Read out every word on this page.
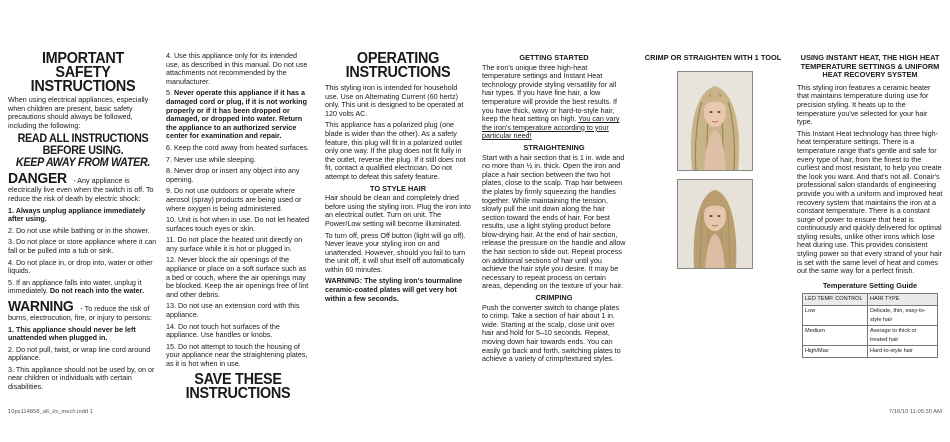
IMPORTANT SAFETY INSTRUCTIONS

When using electrical appliances, especially when children are present, basic safety precautions should always be followed, including the following:

READ ALL INSTRUCTIONS BEFORE USING.
KEEP AWAY FROM WATER.

DANGER - Any appliance is electrically live even when the switch is off. To reduce the risk of death by electric shock:

1. Always unplug appliance immediately after using.

2. Do not use while bathing or in the shower.

3. Do not place or store appliance where it can fall or be pulled into a tub or sink.

4. Do not place in, or drop into, water or other liquids.

5. If an appliance falls into water, unplug it immediately. Do not reach into the water.

WARNING - To reduce the risk of burns, electrocution, fire, or injury to persons:

1. This appliance should never be left unattended when plugged in.

2. Do not pull, twist, or wrap line cord around appliance.

3. This appliance should not be used by, on or near children or individuals with certain disabilities.

4. Use this appliance only for its intended use, as described in this manual. Do not use attachments not recommended by the manufacturer.

5. Never operate this appliance if it has a damaged cord or plug, if it is not working properly or if it has been dropped or damaged, or dropped into water. Return the appliance to an authorized service center for examination and repair.

6. Keep the cord away from heated surfaces.

7. Never use while sleeping.

8. Never drop or insert any object into any opening.

9. Do not use outdoors or operate where aerosol (spray) products are being used or where oxygen is being administered.

10. Unit is hot when in use. Do not let heated surfaces touch eyes or skin.

11. Do not place the heated unit directly on any surface while it is hot or plugged in.

12. Never block the air openings of the appliance or place on a soft surface such as a bed or couch, where the air openings may be blocked. Keep the air openings free of lint and other debris.

13. Do not use an extension cord with this appliance.

14. Do not touch hot surfaces of the appliance. Use handles or knobs.

15. Do not attempt to touch the housing of your appliance near the straightening plates, as it is hot when in use.

SAVE THESE INSTRUCTIONS
OPERATING INSTRUCTIONS

This styling iron is intended for household use. Use on Alternating Current (60 hertz) only. This unit is designed to be operated at 120 volts AC.

This appliance has a polarized plug (one blade is wider than the other). As a safety feature, this plug will fit in a polarized outlet only one way. If the plug does not fit fully in the outlet, reverse the plug. If it still does not fit, contact a qualified electrician. Do not attempt to defeat this safety feature.

TO STYLE HAIR

Hair should be clean and completely dried before using the styling iron. Plug the iron into an electrical outlet. Turn on unit. The Power/Low setting will become illuminated.

To turn off, press Off button (light will go off). Never leave your styling iron on and unattended. However, should you fail to turn the unit off, it will shut itself off automatically within 60 minutes.

WARNING: The styling iron's tourmaline ceramic-coated plates will get very hot within a few seconds.

GETTING STARTED

The iron's unique three high-heat temperature settings and Instant Heat technology provide styling versatility for all hair types. If you have fine hair, a low temperature will provide the best results. If you have thick, wavy or hard-to-style hair, keep the heat setting on high. You can vary the iron's temperature according to your particular need!

STRAIGHTENING

Start with a hair section that is 1 in. wide and no more than ½ in. thick. Open the iron and place a hair section between the two hot plates, close to the scalp. Trap hair between the plates by firmly squeezing the handles together. While maintaining the tension, slowly pull the unit down along the hair section toward the ends of hair. For best results, use a light styling product before blow-drying hair. At the end of hair section, release the pressure on the handle and allow the hair section to slide out. Repeat process on additional sections of hair until you achieve the hair style you desire. It may be necessary to repeat process on certain areas, depending on the texture of your hair.

CRIMPING

Push the converter switch to change plates to crimp. Take a section of hair about 1 in. wide. Starting at the scalp, close unit over hair and hold for 5–10 seconds. Repeat, moving down hair towards ends. You can easily go back and forth, switching plates to achieve a variety of crimp/textured styles.

CRIMP OR STRAIGHTEN WITH 1 TOOL	USING INSTANT HEAT, THE HIGH HEAT TEMPERATURE SETTINGS & UNIFORM HEAT RECOVERY SYSTEM

This styling iron features a ceramic heater that maintains temperature during use for precision styling. It heats up to the temperature you've selected for your hair type.

This Instant Heat technology has three high-heat temperature settings. There is a temperature range that's gentle and safe for every type of hair, from the finest to the curliest and most resistant, to help you create the look you want. And that's not all. Conair's professional salon standards of engineering provide you with a uniform and improved heat recovery system that maintains the iron at a constant temperature. There is a constant surge of power to ensure that heat is continuously and quickly delivered for optimal styling results, unlike other irons which lose heat during use. This provides consistent styling power so that every strand of your hair is set with the same level of heat and comes out the same way for a perfect finish.

Temperature Setting Guide
LED TEMP. CONTROL	HAIR TYPE
Low	Delicate, thin, easy-to-style hair
Medium	Average to thick or treated hair
High/Max	Hard-to-style hair
10ps114858_a6_i/s_mech.indd 1	7/16/10 11:05:30 AM
